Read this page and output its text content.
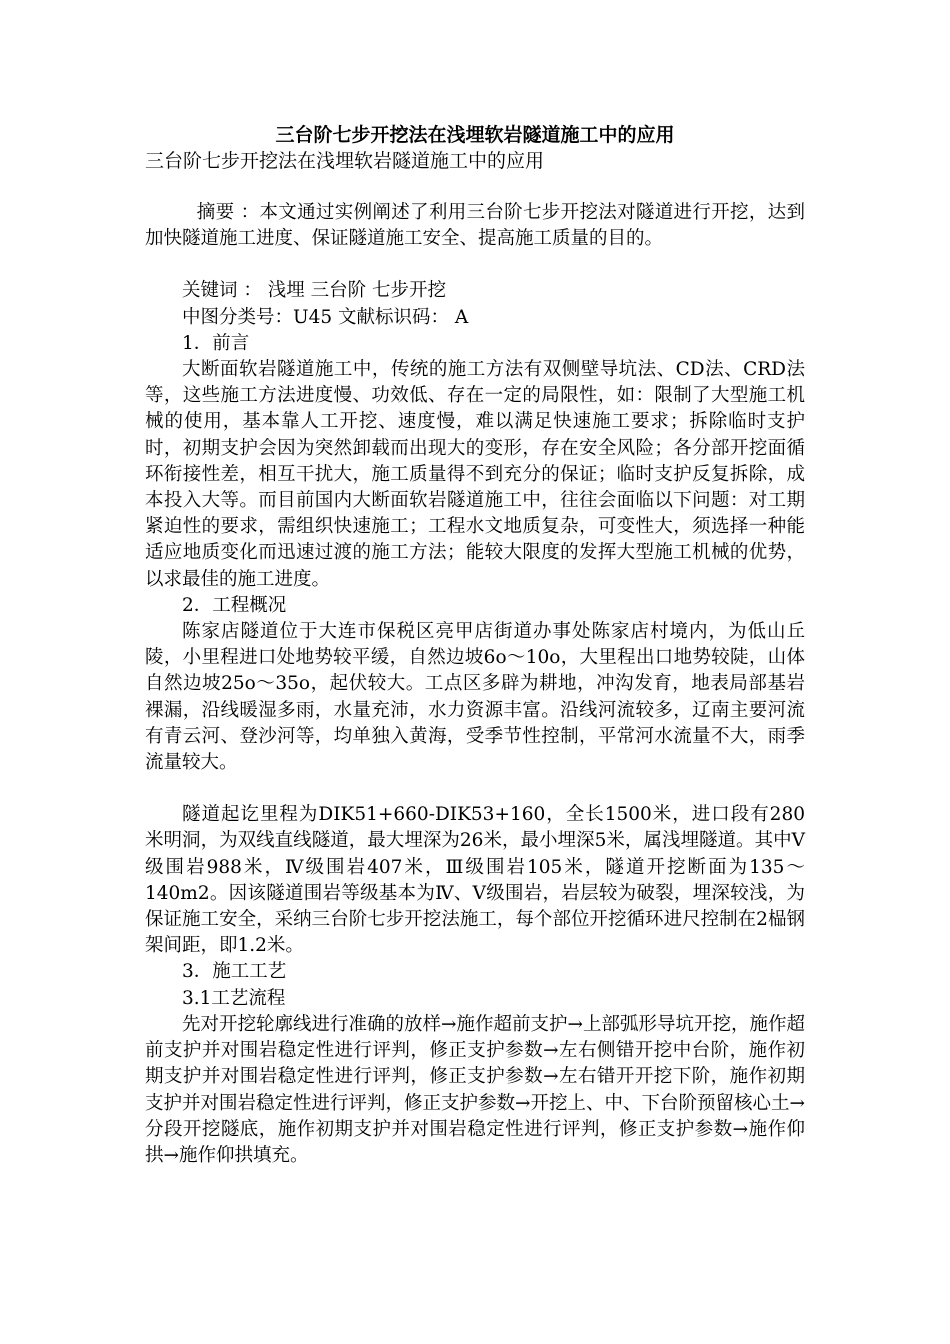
三台阶七步开挖法在浅埋软岩隧道施工中的应用
三台阶七步开挖法在浅埋软岩隧道施工中的应用

摘要 ：本文通过实例阐述了利用三台阶七步开挖法对隧道进行开挖，达到加快隧道施工进度、保证隧道施工安全、提高施工质量的目的。

关键词 ： 浅埋 三台阶 七步开挖

中图分类号：U45 文献标识码： A

1．前言

大断面软岩隧道施工中，传统的施工方法有双侧壁导坑法、CD法、CRD法等，这些施工方法进度慢、功效低、存在一定的局限性，如：限制了大型施工机械的使用，基本靠人工开挖、速度慢，难以满足快速施工要求；拆除临时支护时，初期支护会因为突然卸载而出现大的变形，存在安全风险；各分部开挖面循环衔接性差，相互干扰大，施工质量得不到充分的保证；临时支护反复拆除，成本投入大等。而目前国内大断面软岩隧道施工中，往往会面临以下问题：对工期紧迫性的要求，需组织快速施工；工程水文地质复杂，可变性大，须选择一种能适应地质变化而迅速过渡的施工方法；能较大限度的发挥大型施工机械的优势，以求最佳的施工进度。

2．工程概况

陈家店隧道位于大连市保税区亮甲店街道办事处陈家店村境内，为低山丘陵，小里程进口处地势较平缓，自然边坡6o～10o，大里程出口地势较陡，山体自然边坡25o～35o，起伏较大。工点区多辟为耕地，冲沟发育，地表局部基岩裸漏，沿线暖湿多雨，水量充沛，水力资源丰富。沿线河流较多，辽南主要河流有青云河、登沙河等，均单独入黄海，受季节性控制，平常河水流量不大，雨季流量较大。

隧道起讫里程为DIK51+660-DIK53+160，全长1500米，进口段有280米明洞，为双线直线隧道，最大埋深为26米，最小埋深5米，属浅埋隧道。其中Ⅴ级围岩988米，Ⅳ级围岩407米，Ⅲ级围岩105米，隧道开挖断面为135～140m2。因该隧道围岩等级基本为Ⅳ、Ⅴ级围岩，岩层较为破裂，埋深较浅，为保证施工安全，采纳三台阶七步开挖法施工，每个部位开挖循环进尺控制在2榀钢架间距，即1.2米。

3．施工工艺

3.1工艺流程

先对开挖轮廓线进行准确的放样→施作超前支护→上部弧形导坑开挖，施作超前支护并对围岩稳定性进行评判，修正支护参数→左右侧错开挖中台阶，施作初期支护并对围岩稳定性进行评判，修正支护参数→左右错开开挖下阶，施作初期支护并对围岩稳定性进行评判，修正支护参数→开挖上、中、下台阶预留核心土→分段开挖隧底，施作初期支护并对围岩稳定性进行评判，修正支护参数→施作仰拱→施作仰拱填充。
